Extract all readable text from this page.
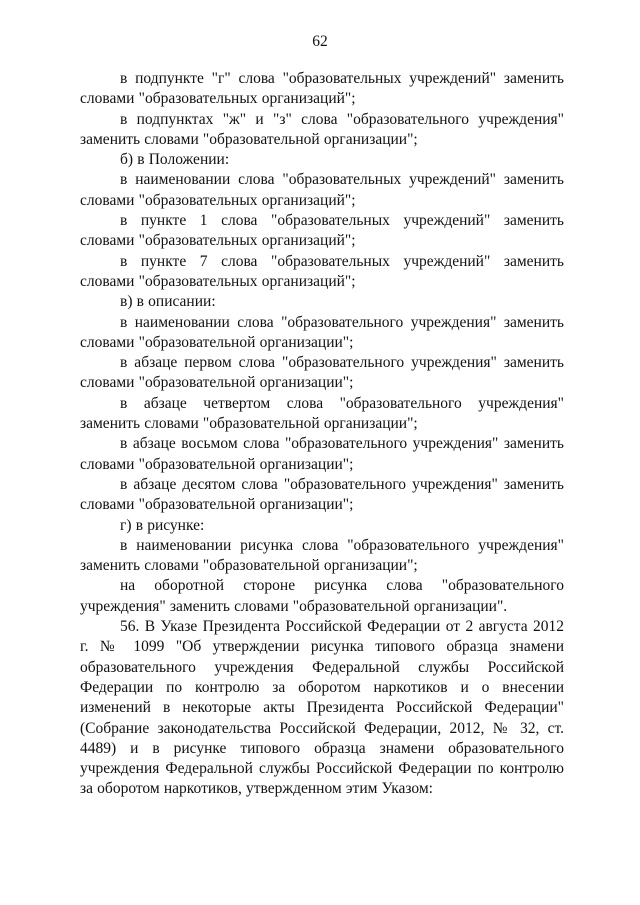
62

в подпункте "г" слова "образовательных учреждений" заменить словами "образовательных организаций";

в подпунктах "ж" и "з" слова "образовательного учреждения" заменить словами "образовательной организации";

б) в Положении:

в наименовании слова "образовательных учреждений" заменить словами "образовательных организаций";

в пункте 1 слова "образовательных учреждений" заменить словами "образовательных организаций";

в пункте 7 слова "образовательных учреждений" заменить словами "образовательных организаций";

в) в описании:

в наименовании слова "образовательного учреждения" заменить словами "образовательной организации";

в абзаце первом слова "образовательного учреждения" заменить словами "образовательной организации";

в абзаце четвертом слова "образовательного учреждения" заменить словами "образовательной организации";

в абзаце восьмом слова "образовательного учреждения" заменить словами "образовательной организации";

в абзаце десятом слова "образовательного учреждения" заменить словами "образовательной организации";

г) в рисунке:

в наименовании рисунка слова "образовательного учреждения" заменить словами "образовательной организации";

на оборотной стороне рисунка слова "образовательного учреждения" заменить словами "образовательной организации".

56. В Указе Президента Российской Федерации от 2 августа 2012 г. № 1099 "Об утверждении рисунка типового образца знамени образовательного учреждения Федеральной службы Российской Федерации по контролю за оборотом наркотиков и о внесении изменений в некоторые акты Президента Российской Федерации" (Собрание законодательства Российской Федерации, 2012, № 32, ст. 4489) и в рисунке типового образца знамени образовательного учреждения Федеральной службы Российской Федерации по контролю за оборотом наркотиков, утвержденном этим Указом:
